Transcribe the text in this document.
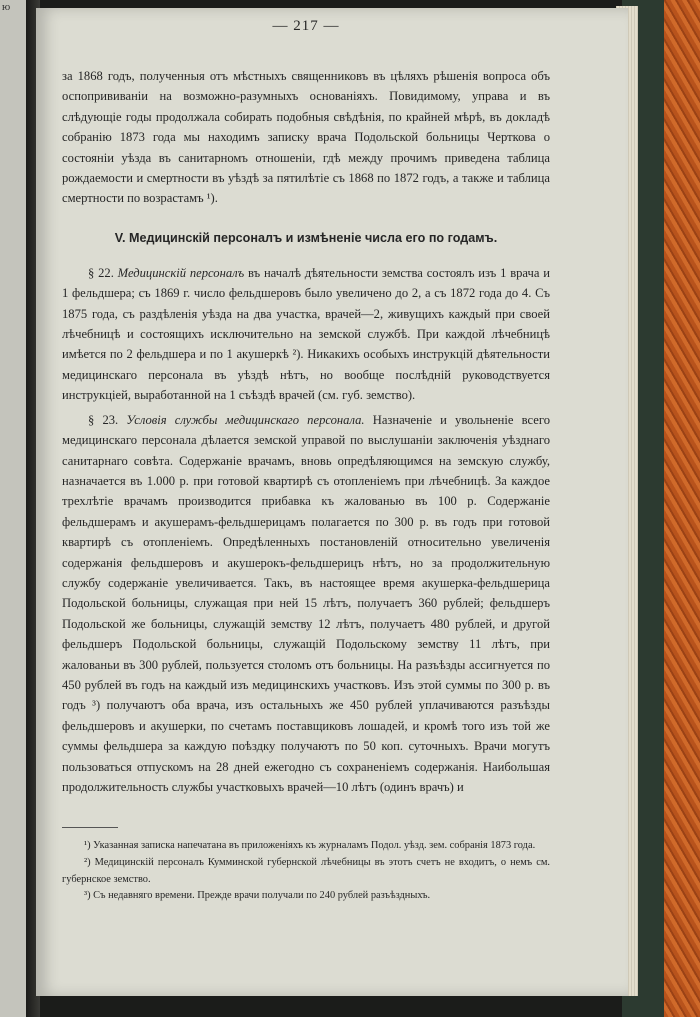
ю
— 217 —

за 1868 годъ, полученныя отъ мѣстныхъ священниковъ въ цѣляхъ рѣшенія вопроса объ оспопрививаніи на возможно-разумныхъ основаніяхъ. Повидимому, управа и въ слѣдующіе годы продолжала собирать подобныя свѣдѣнія, по крайней мѣрѣ, въ докладѣ собранію 1873 года мы находимъ записку врача Подольской больницы Черткова о состояніи уѣзда въ санитарномъ отношеніи, гдѣ между прочимъ приведена таблица рождаемости и смертности въ уѣздѣ за пятилѣтіе съ 1868 по 1872 годъ, а также и таблица смертности по возрастамъ ¹).

V. Медицинскій персоналъ и измѣненіе числа его по годамъ.

§ 22. Медицинскій персоналъ въ началѣ дѣятельности земства состоялъ изъ 1 врача и 1 фельдшера; съ 1869 г. число фельдшеровъ было увеличено до 2, а съ 1872 года до 4. Съ 1875 года, съ раздѣленія уѣзда на два участка, врачей—2, живущихъ каждый при своей лѣчебницѣ и состоящихъ исключительно на земской службѣ. При каждой лѣчебницѣ имѣется по 2 фельдшера и по 1 акушеркѣ ²). Никакихъ особыхъ инструкцій дѣятельности медицинскаго персонала въ уѣздѣ нѣтъ, но вообще послѣдній руководствуется инструкціей, выработанной на 1 съѣздѣ врачей (см. губ. земство).

§ 23. Условія службы медицинскаго персонала. Назначеніе и увольненіе всего медицинскаго персонала дѣлается земской управой по выслушаніи заключенія уѣзднаго санитарнаго совѣта. Содержаніе врачамъ, вновь опредѣляющимся на земскую службу, назначается въ 1.000 р. при готовой квартирѣ съ отопленіемъ при лѣчебницѣ. За каждое трехлѣтіе врачамъ производится прибавка къ жалованью въ 100 р. Содержаніе фельдшерамъ и акушерамъ-фельдшерицамъ полагается по 300 р. въ годъ при готовой квартирѣ съ отопленіемъ. Опредѣленныхъ постановленій относительно увеличенія содержанія фельдшеровъ и акушерокъ-фельдшерицъ нѣтъ, но за продолжительную службу содержаніе увеличивается. Такъ, въ настоящее время акушерка-фельдшерица Подольской больницы, служащая при ней 15 лѣтъ, получаетъ 360 рублей; фельдшеръ Подольской же больницы, служащій земству 12 лѣтъ, получаетъ 480 рублей, и другой фельдшеръ Подольской больницы, служащій Подольскому земству 11 лѣтъ, при жалованьи въ 300 рублей, пользуется столомъ отъ больницы. На разъѣзды ассигнуется по 450 рублей въ годъ на каждый изъ медицинскихъ участковъ. Изъ этой суммы по 300 р. въ годъ ³) получаютъ оба врача, изъ остальныхъ же 450 рублей уплачиваются разъѣзды фельдшеровъ и акушерки, по счетамъ поставщиковъ лошадей, и кромѣ того изъ той же суммы фельдшера за каждую поѣздку получаютъ по 50 коп. суточныхъ. Врачи могутъ пользоваться отпускомъ на 28 дней ежегодно съ сохраненіемъ содержанія. Наибольшая продолжительность службы участковыхъ врачей—10 лѣтъ (одинъ врачъ) и

¹) Указанная записка напечатана въ приложеніяхъ къ журналамъ Подол. уѣзд. зем. собранія 1873 года.

²) Медицинскій персоналъ Кумминской губернской лѣчебницы въ этотъ счетъ не входитъ, о немъ см. губернское земство.

³) Съ недавняго времени. Прежде врачи получали по 240 рублей разъѣздныхъ.
